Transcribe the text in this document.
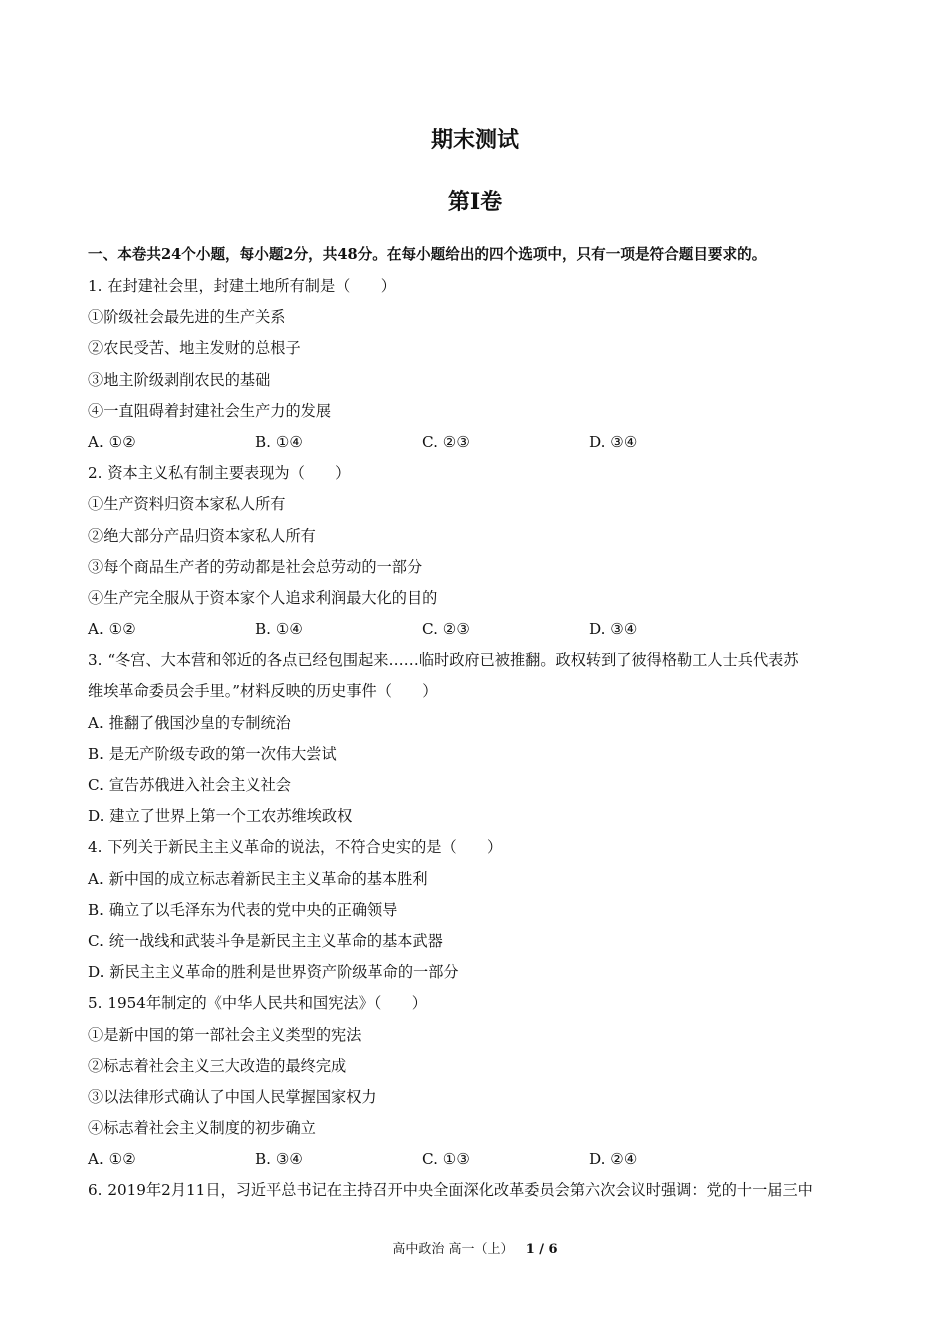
期末测试
第Ⅰ卷
一、本卷共24个小题，每小题2分，共48分。在每小题给出的四个选项中，只有一项是符合题目要求的。
1. 在封建社会里，封建土地所有制是（　　）
①阶级社会最先进的生产关系
②农民受苦、地主发财的总根子
③地主阶级剥削农民的基础
④一直阻碍着封建社会生产力的发展
A. ①②	B. ①④	C. ②③	D. ③④
2. 资本主义私有制主要表现为（　　）
①生产资料归资本家私人所有
②绝大部分产品归资本家私人所有
③每个商品生产者的劳动都是社会总劳动的一部分
④生产完全服从于资本家个人追求利润最大化的目的
A. ①②	B. ①④	C. ②③	D. ③④
3. “冬宫、大本营和邻近的各点已经包围起来……临时政府已被推翻。政权转到了彼得格勒工人士兵代表苏
维埃革命委员会手里。”材料反映的历史事件（　　）
A. 推翻了俄国沙皇的专制统治
B. 是无产阶级专政的第一次伟大尝试
C. 宣告苏俄进入社会主义社会
D. 建立了世界上第一个工农苏维埃政权
4. 下列关于新民主主义革命的说法，不符合史实的是（　　）
A. 新中国的成立标志着新民主主义革命的基本胜利
B. 确立了以毛泽东为代表的党中央的正确领导
C. 统一战线和武装斗争是新民主主义革命的基本武器
D. 新民主主义革命的胜利是世界资产阶级革命的一部分
5. 1954年制定的《中华人民共和国宪法》（　　）
①是新中国的第一部社会主义类型的宪法
②标志着社会主义三大改造的最终完成
③以法律形式确认了中国人民掌握国家权力
④标志着社会主义制度的初步确立
A. ①②	B. ③④	C. ①③	D. ②④
6. 2019年2月11日，习近平总书记在主持召开中央全面深化改革委员会第六次会议时强调：党的十一届三中
高中政治 高一（上） 1 / 6
